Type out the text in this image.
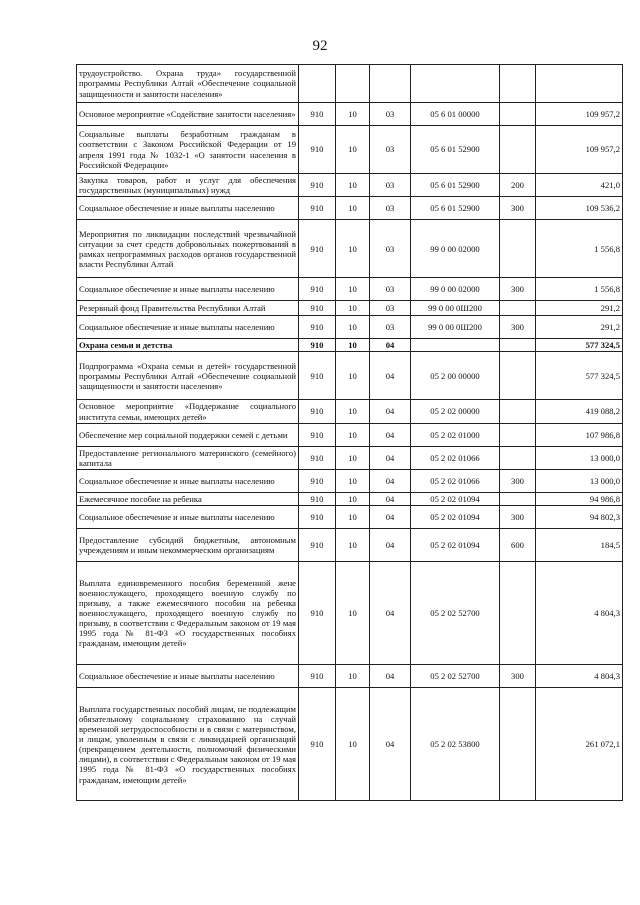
92
трудоустройство. Охрана труда» государственной программы Республики Алтай «Обеспечение социальной защищенности и занятости населения»						
Основное мероприятие «Содействие занятости населения»	910	10	03	05 6 01 00000		109 957,2
Социальные выплаты безработным гражданам в соответствии с Законом Российской Федерации от 19 апреля 1991 года № 1032-1 «О занятости населения в Российской Федерации»	910	10	03	05 6 01 52900		109 957,2
Закупка товаров, работ и услуг для обеспечения государственных (муниципальных) нужд	910	10	03	05 6 01 52900	200	421,0
Социальное обеспечение и иные выплаты населению	910	10	03	05 6 01 52900	300	109 536,2
Мероприятия по ликвидации последствий чрезвычайной ситуации за счет средств добровольных пожертвований в рамках непрограммных расходов органов государственной власти Республики Алтай	910	10	03	99 0 00 02000		1 556,8
Социальное обеспечение и иные выплаты населению	910	10	03	99 0 00 02000	300	1 556,8
Резервный фонд Правительства Республики Алтай	910	10	03	99 0 00 0Ш200		291,2
Социальное обеспечение и иные выплаты населению	910	10	03	99 0 00 0Ш200	300	291,2
Охрана семьи и детства	910	10	04			577 324,5
Подпрограмма «Охрана семьи и детей» государственной программы Республики Алтай «Обеспечение социальной защищенности и занятости населения»	910	10	04	05 2 00 00000		577 324,5
Основное мероприятие «Поддержание социального института семьи, имеющих детей»	910	10	04	05 2 02 00000		419 088,2
Обеспечение мер социальной поддержки семей с детьми	910	10	04	05 2 02 01000		107 986,8
Предоставление регионального материнского (семейного) капитала	910	10	04	05 2 02 01066		13 000,0
Социальное обеспечение и иные выплаты населению	910	10	04	05 2 02 01066	300	13 000,0
Ежемесячное пособие на ребенка	910	10	04	05 2 02 01094		94 986,8
Социальное обеспечение и иные выплаты населению	910	10	04	05 2 02 01094	300	94 802,3
Предоставление субсидий бюджетным, автономным учреждениям и иным некоммерческим организациям	910	10	04	05 2 02 01094	600	184,5
Выплата единовременного пособия беременной жене военнослужащего, проходящего военную службу по призыву, а также ежемесячного пособия на ребенка военнослужащего, проходящего военную службу по призыву, в соответствии с Федеральным законом от 19 мая 1995 года № 81-ФЗ «О государственных пособиях гражданам, имеющим детей»	910	10	04	05 2 02 52700		4 804,3
Социальное обеспечение и иные выплаты населению	910	10	04	05 2 02 52700	300	4 804,3
Выплата государственных пособий лицам, не подлежащим обязательному социальному страхованию на случай временной нетрудоспособности и в связи с материнством, и лицам, уволенным в связи с ликвидацией организаций (прекращением деятельности, полномочий физическими лицами), в соответствии с Федеральным законом от 19 мая 1995 года № 81-ФЗ «О государственных пособиях гражданам, имеющим детей»	910	10	04	05 2 02 53800		261 072,1
